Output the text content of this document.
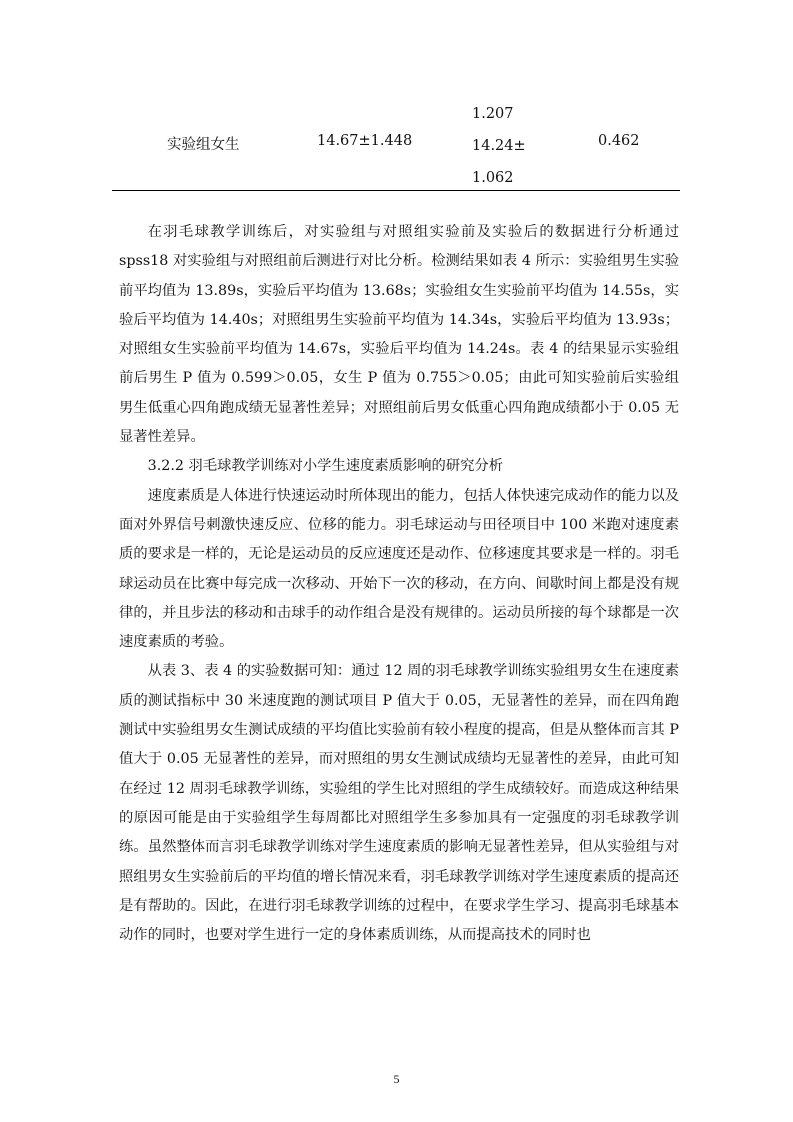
实验组女生	14.67±1.448
1.207
14.24±
1.062
0.462

在羽毛球教学训练后，对实验组与对照组实验前及实验后的数据进行分析通过 spss18 对实验组与对照组前后测进行对比分析。检测结果如表 4 所示：实验组男生实验前平均值为 13.89s，实验后平均值为 13.68s；实验组女生实验前平均值为 14.55s，实验后平均值为 14.40s；对照组男生实验前平均值为 14.34s，实验后平均值为 13.93s；对照组女生实验前平均值为 14.67s，实验后平均值为 14.24s。表 4 的结果显示实验组前后男生 P 值为 0.599＞0.05，女生 P 值为 0.755＞0.05；由此可知实验前后实验组男生低重心四角跑成绩无显著性差异；对照组前后男女低重心四角跑成绩都小于 0.05 无显著性差异。

3.2.2 羽毛球教学训练对小学生速度素质影响的研究分析

速度素质是人体进行快速运动时所体现出的能力，包括人体快速完成动作的能力以及面对外界信号刺激快速反应、位移的能力。羽毛球运动与田径项目中 100 米跑对速度素质的要求是一样的，无论是运动员的反应速度还是动作、位移速度其要求是一样的。羽毛球运动员在比赛中每完成一次移动、开始下一次的移动，在方向、间歇时间上都是没有规律的，并且步法的移动和击球手的动作组合是没有规律的。运动员所接的每个球都是一次速度素质的考验。

从表 3、表 4 的实验数据可知：通过 12 周的羽毛球教学训练实验组男女生在速度素质的测试指标中 30 米速度跑的测试项目 P 值大于 0.05，无显著性的差异，而在四角跑测试中实验组男女生测试成绩的平均值比实验前有较小程度的提高，但是从整体而言其 P 值大于 0.05 无显著性的差异，而对照组的男女生测试成绩均无显著性的差异，由此可知在经过 12 周羽毛球教学训练，实验组的学生比对照组的学生成绩较好。而造成这种结果的原因可能是由于实验组学生每周都比对照组学生多参加具有一定强度的羽毛球教学训练。虽然整体而言羽毛球教学训练对学生速度素质的影响无显著性差异，但从实验组与对照组男女生实验前后的平均值的增长情况来看，羽毛球教学训练对学生速度素质的提高还是有帮助的。因此，在进行羽毛球教学训练的过程中，在要求学生学习、提高羽毛球基本动作的同时，也要对学生进行一定的身体素质训练，从而提高技术的同时也

5
